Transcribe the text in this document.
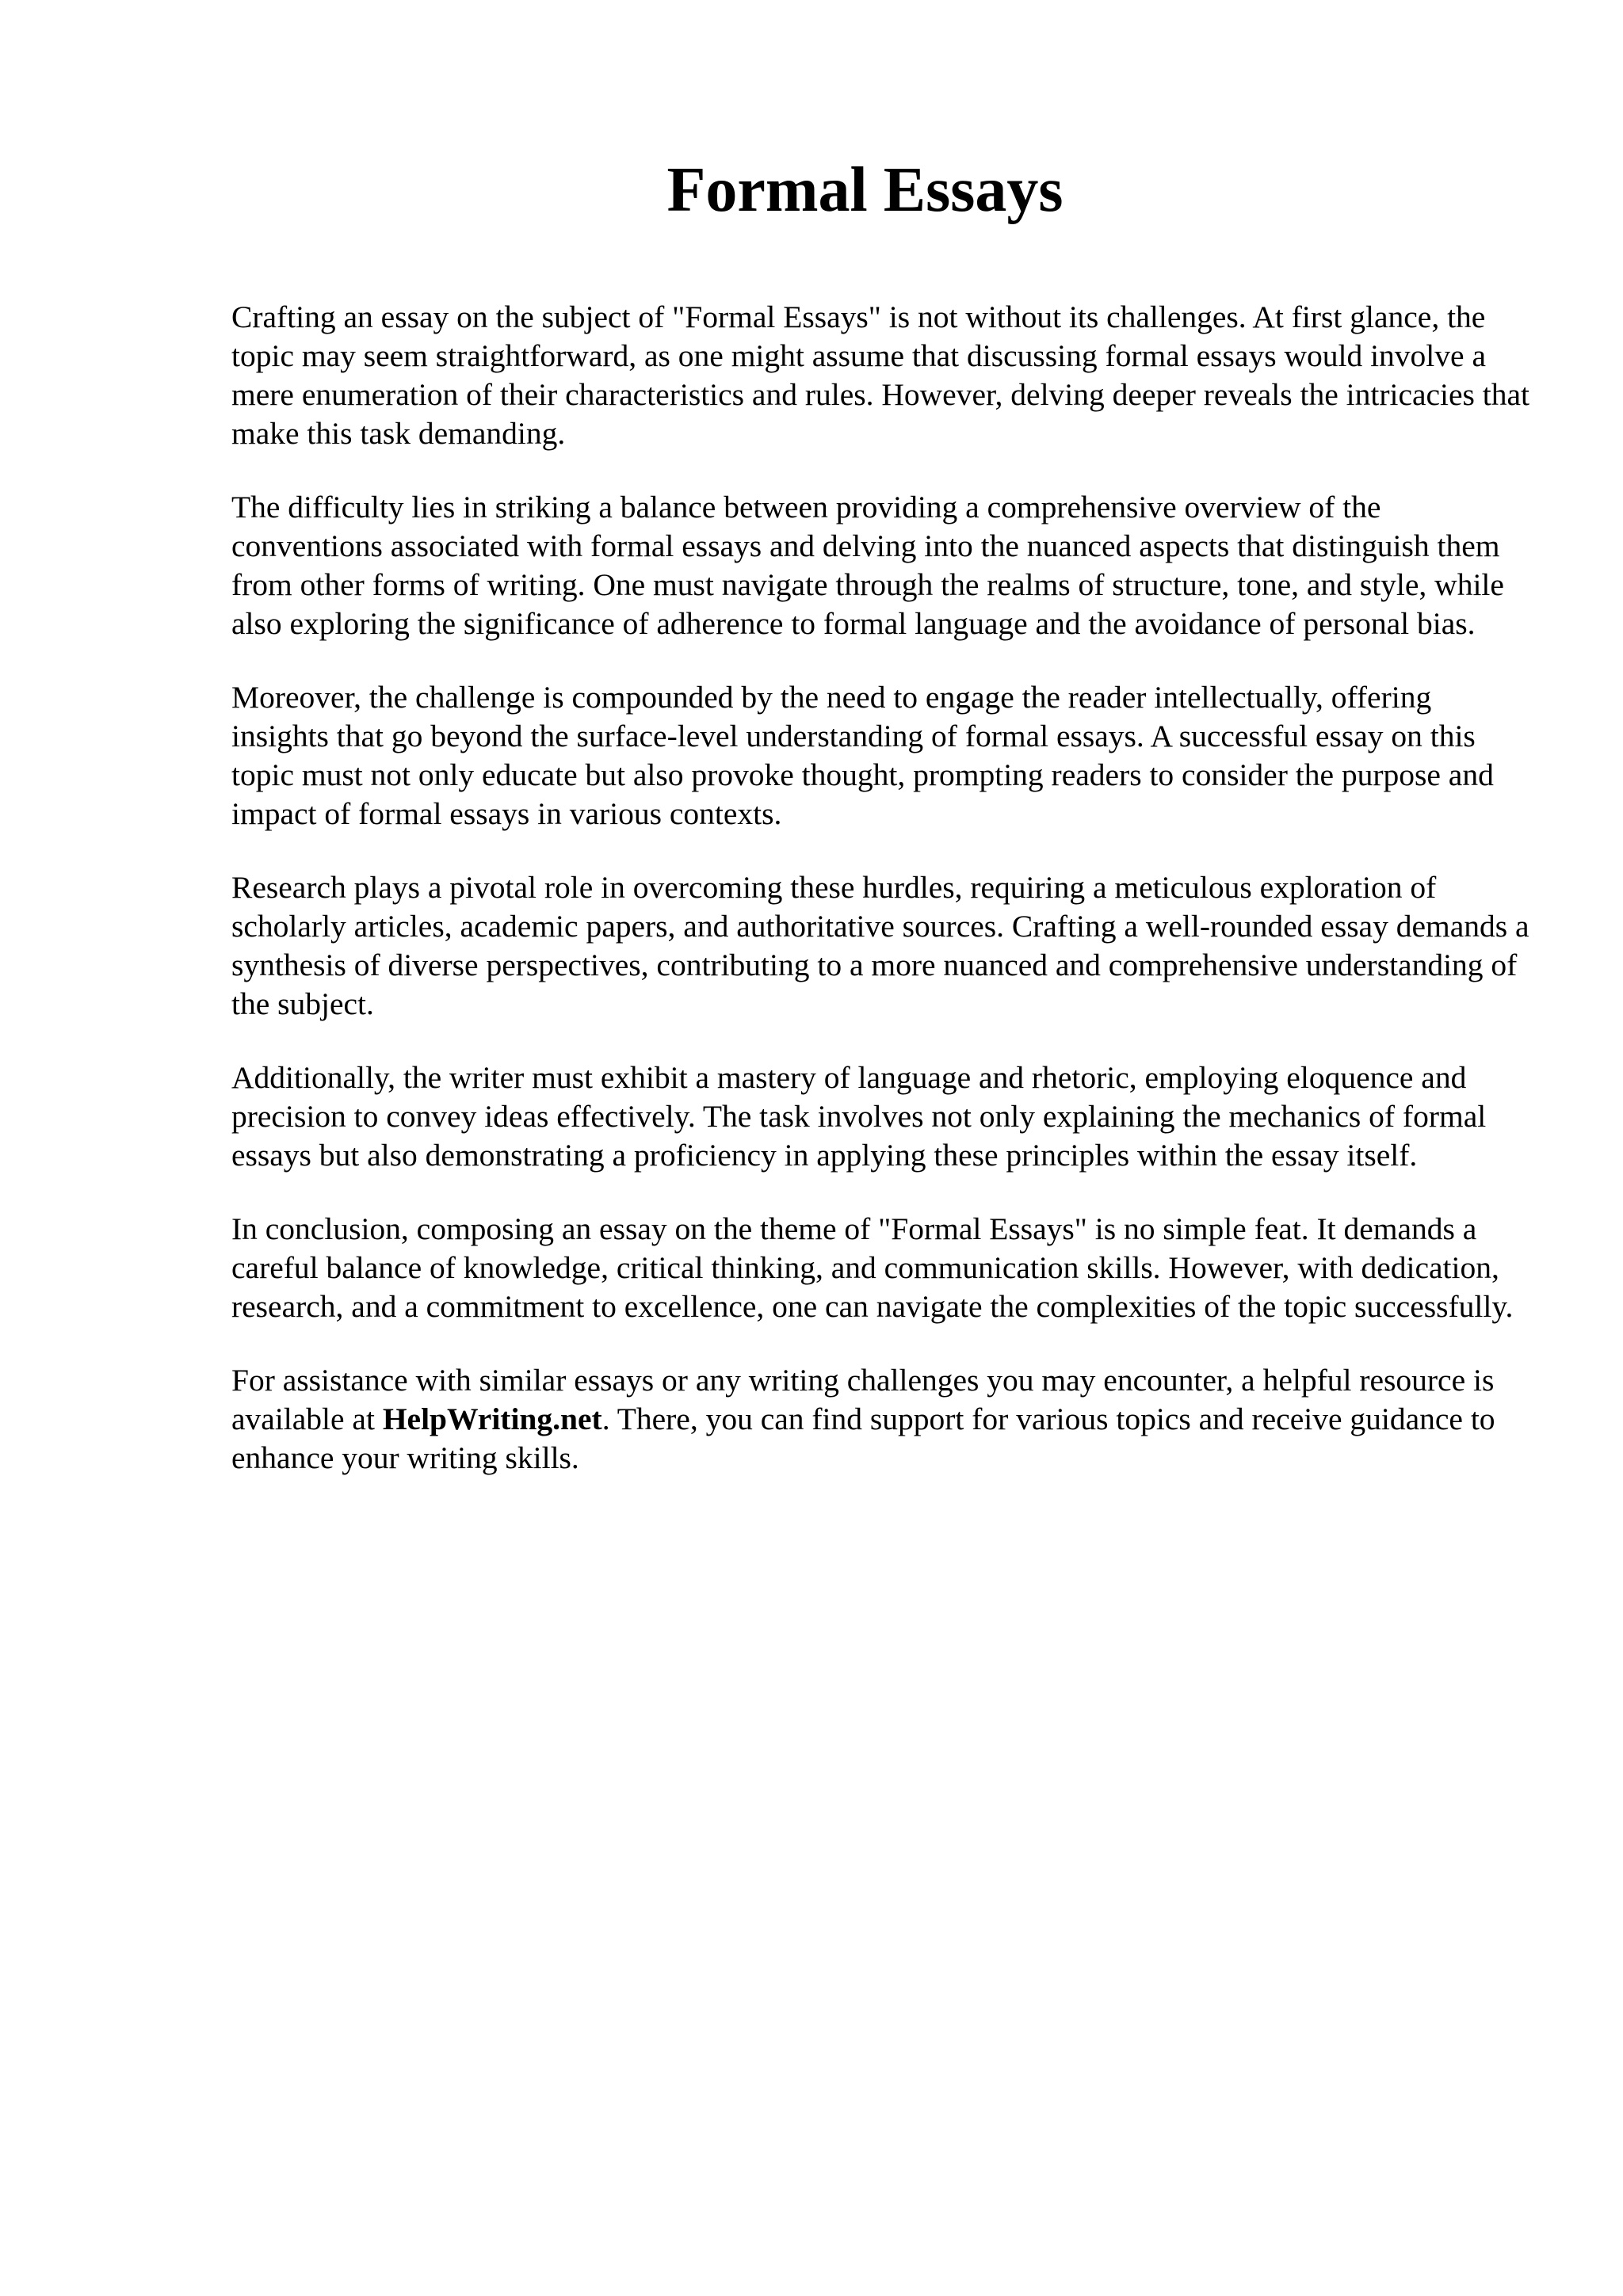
Formal Essays

Crafting an essay on the subject of "Formal Essays" is not without its challenges. At first glance, the topic may seem straightforward, as one might assume that discussing formal essays would involve a mere enumeration of their characteristics and rules. However, delving deeper reveals the intricacies that make this task demanding.

The difficulty lies in striking a balance between providing a comprehensive overview of the conventions associated with formal essays and delving into the nuanced aspects that distinguish them from other forms of writing. One must navigate through the realms of structure, tone, and style, while also exploring the significance of adherence to formal language and the avoidance of personal bias.

Moreover, the challenge is compounded by the need to engage the reader intellectually, offering insights that go beyond the surface-level understanding of formal essays. A successful essay on this topic must not only educate but also provoke thought, prompting readers to consider the purpose and impact of formal essays in various contexts.

Research plays a pivotal role in overcoming these hurdles, requiring a meticulous exploration of scholarly articles, academic papers, and authoritative sources. Crafting a well-rounded essay demands a synthesis of diverse perspectives, contributing to a more nuanced and comprehensive understanding of the subject.

Additionally, the writer must exhibit a mastery of language and rhetoric, employing eloquence and precision to convey ideas effectively. The task involves not only explaining the mechanics of formal essays but also demonstrating a proficiency in applying these principles within the essay itself.

In conclusion, composing an essay on the theme of "Formal Essays" is no simple feat. It demands a careful balance of knowledge, critical thinking, and communication skills. However, with dedication, research, and a commitment to excellence, one can navigate the complexities of the topic successfully.

For assistance with similar essays or any writing challenges you may encounter, a helpful resource is available at HelpWriting.net. There, you can find support for various topics and receive guidance to enhance your writing skills.
